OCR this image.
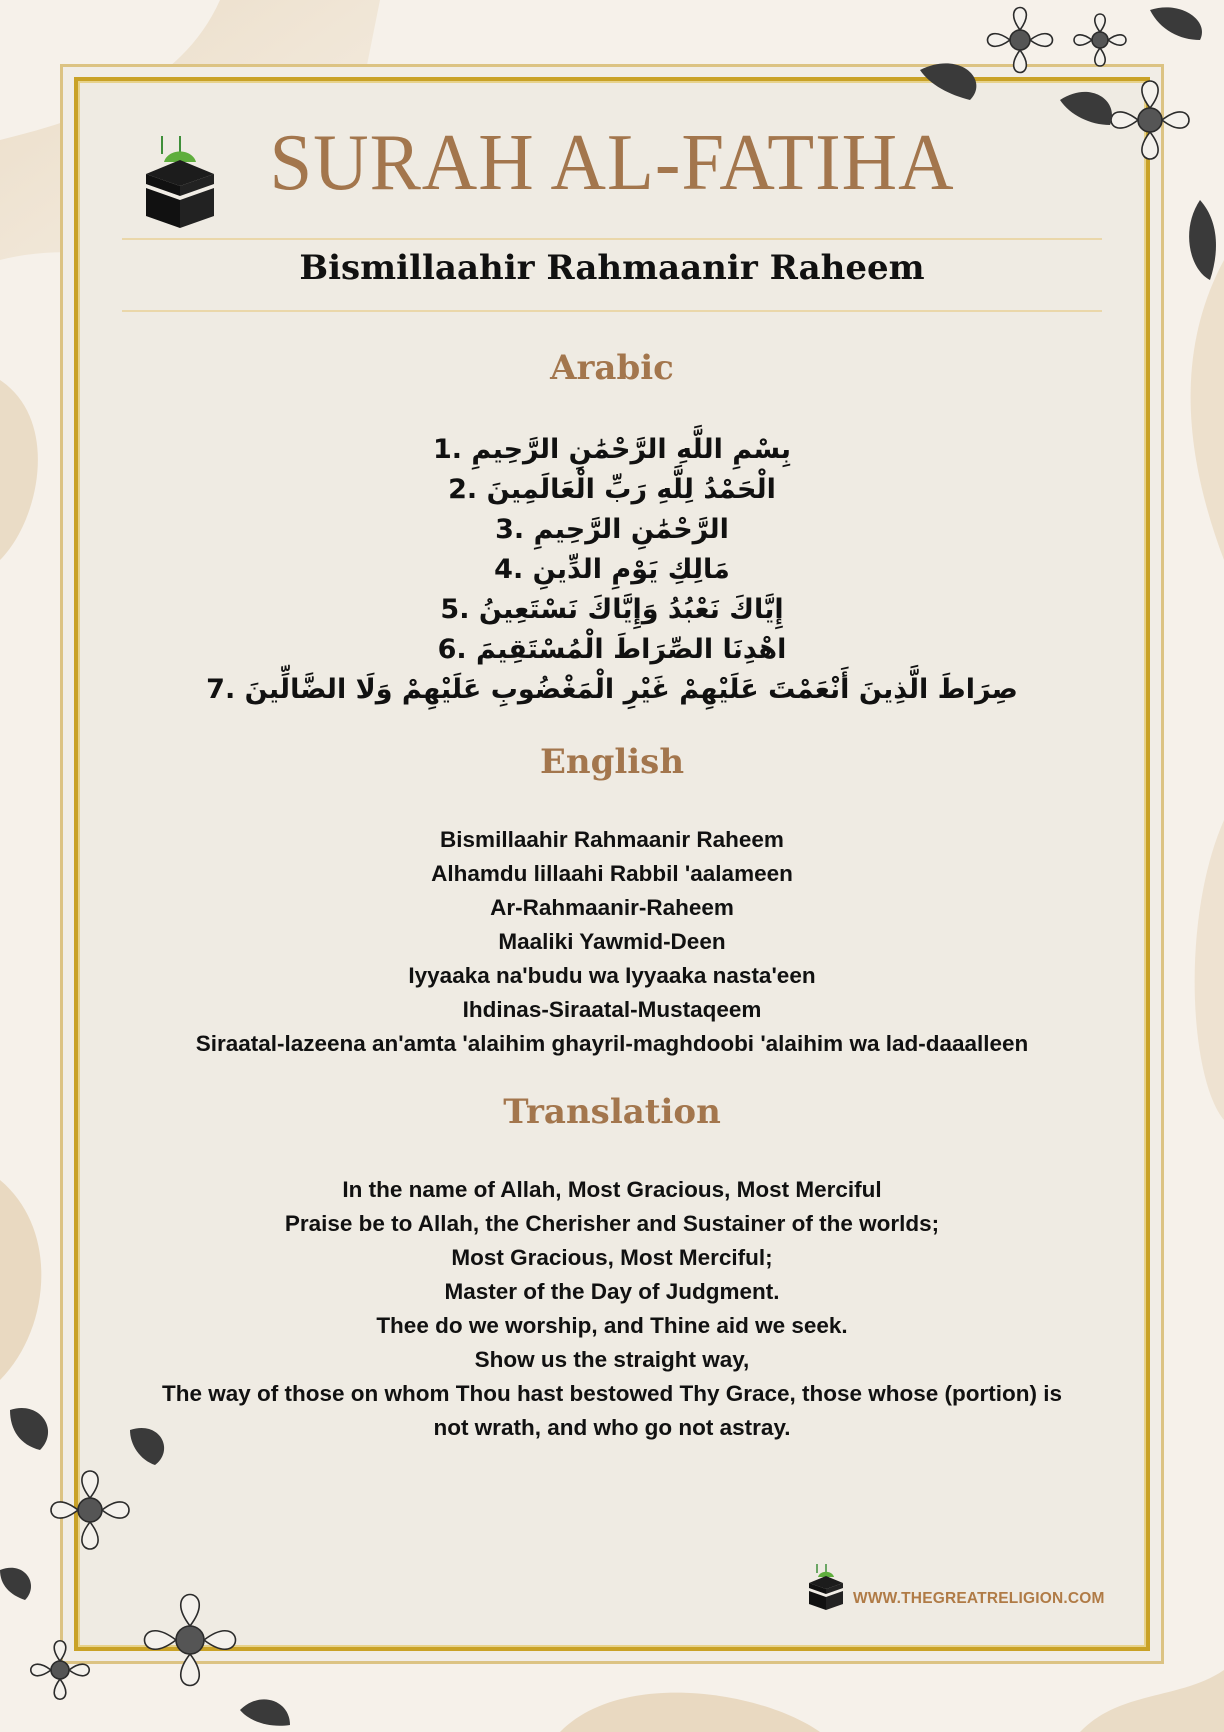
SURAH AL-FATIHA
Bismillaahir Rahmaanir Raheem
Arabic
بِسْمِ اللَّهِ الرَّحْمَٰنِ الرَّحِيمِ .1
الْحَمْدُ لِلَّهِ رَبِّ الْعَالَمِينَ .2
الرَّحْمَٰنِ الرَّحِيمِ .3
مَالِكِ يَوْمِ الدِّينِ .4
إِيَّاكَ نَعْبُدُ وَإِيَّاكَ نَسْتَعِينُ .5
اهْدِنَا الصِّرَاطَ الْمُسْتَقِيمَ .6
صِرَاطَ الَّذِينَ أَنْعَمْتَ عَلَيْهِمْ غَيْرِ الْمَغْضُوبِ عَلَيْهِمْ وَلَا الضَّالِّينَ .7
English
Bismillaahir Rahmaanir Raheem
Alhamdu lillaahi Rabbil 'aalameen
Ar-Rahmaanir-Raheem
Maaliki Yawmid-Deen
Iyyaaka na'budu wa Iyyaaka nasta'een
Ihdinas-Siraatal-Mustaqeem
Siraatal-lazeena an'amta 'alaihim ghayril-maghdoobi 'alaihim wa lad-daaalleen
Translation
In the name of Allah, Most Gracious, Most Merciful
Praise be to Allah, the Cherisher and Sustainer of the worlds;
Most Gracious, Most Merciful;
Master of the Day of Judgment.
Thee do we worship, and Thine aid we seek.
Show us the straight way,
The way of those on whom Thou hast bestowed Thy Grace, those whose (portion) is
not wrath, and who go not astray.
WWW.THEGREATRELIGION.COM
